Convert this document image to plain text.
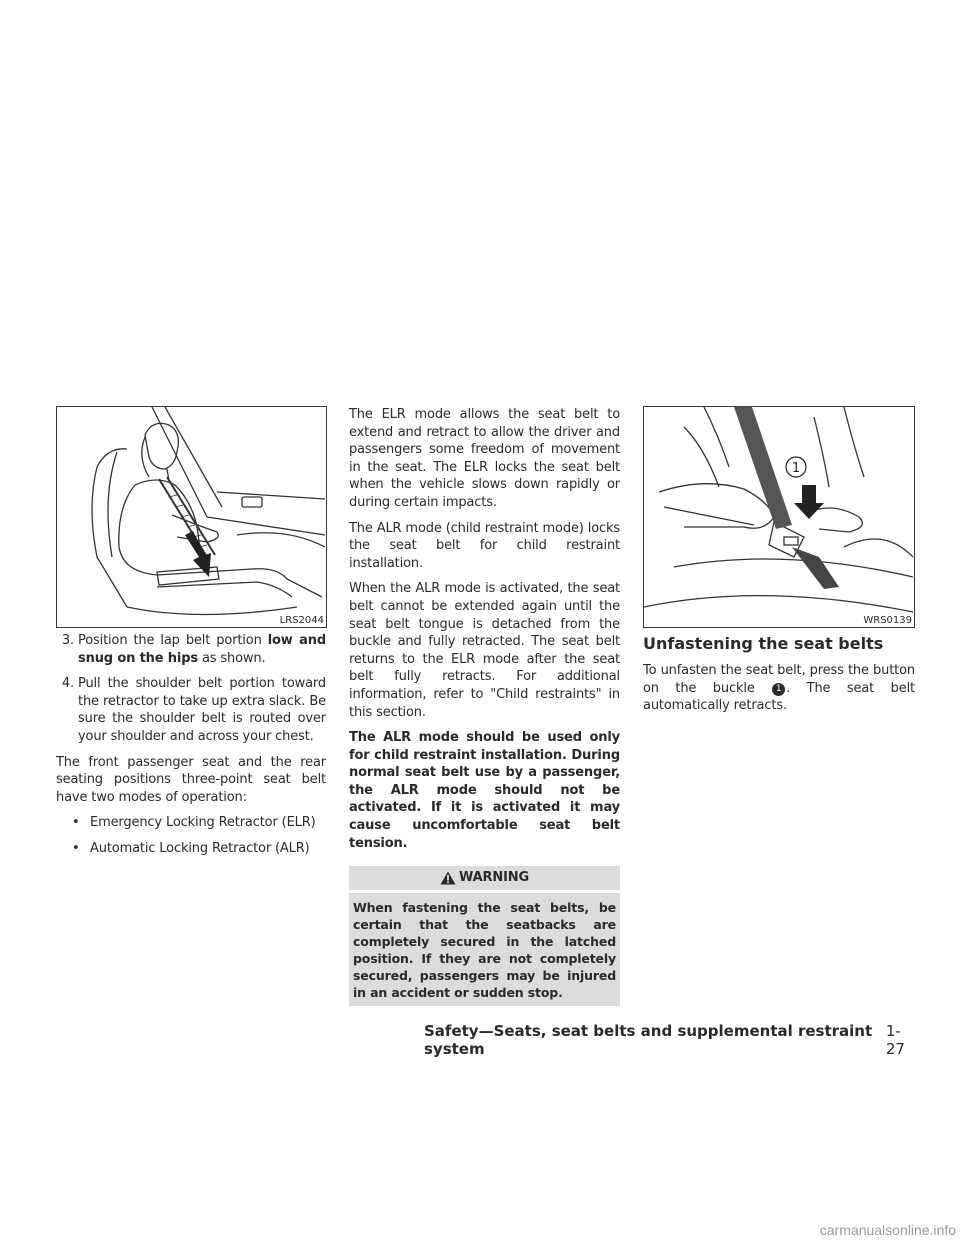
LRS2044
3. Position the lap belt portion low and snug on the hips as shown.
4. Pull the shoulder belt portion toward the retractor to take up extra slack. Be sure the shoulder belt is routed over your shoulder and across your chest.

The front passenger seat and the rear seating positions three-point seat belt have two modes of operation:

• Emergency Locking Retractor (ELR)
• Automatic Locking Retractor (ALR)

The ELR mode allows the seat belt to extend and retract to allow the driver and passengers some freedom of movement in the seat. The ELR locks the seat belt when the vehicle slows down rapidly or during certain impacts.

The ALR mode (child restraint mode) locks the seat belt for child restraint installation.

When the ALR mode is activated, the seat belt cannot be extended again until the seat belt tongue is detached from the buckle and fully retracted. The seat belt returns to the ELR mode after the seat belt fully retracts. For additional information, refer to "Child restraints" in this section.

The ALR mode should be used only for child restraint installation. During normal seat belt use by a passenger, the ALR mode should not be activated. If it is activated it may cause uncomfortable seat belt tension.

WARNING
When fastening the seat belts, be certain that the seatbacks are completely secured in the latched position. If they are not completely secured, passengers may be injured in an accident or sudden stop.
1
WRS0139
Unfastening the seat belts

To unfasten the seat belt, press the button on the buckle 1 . The seat belt automatically retracts.

Safety—Seats, seat belts and supplemental restraint system
1-27
carmanualsonline.info
